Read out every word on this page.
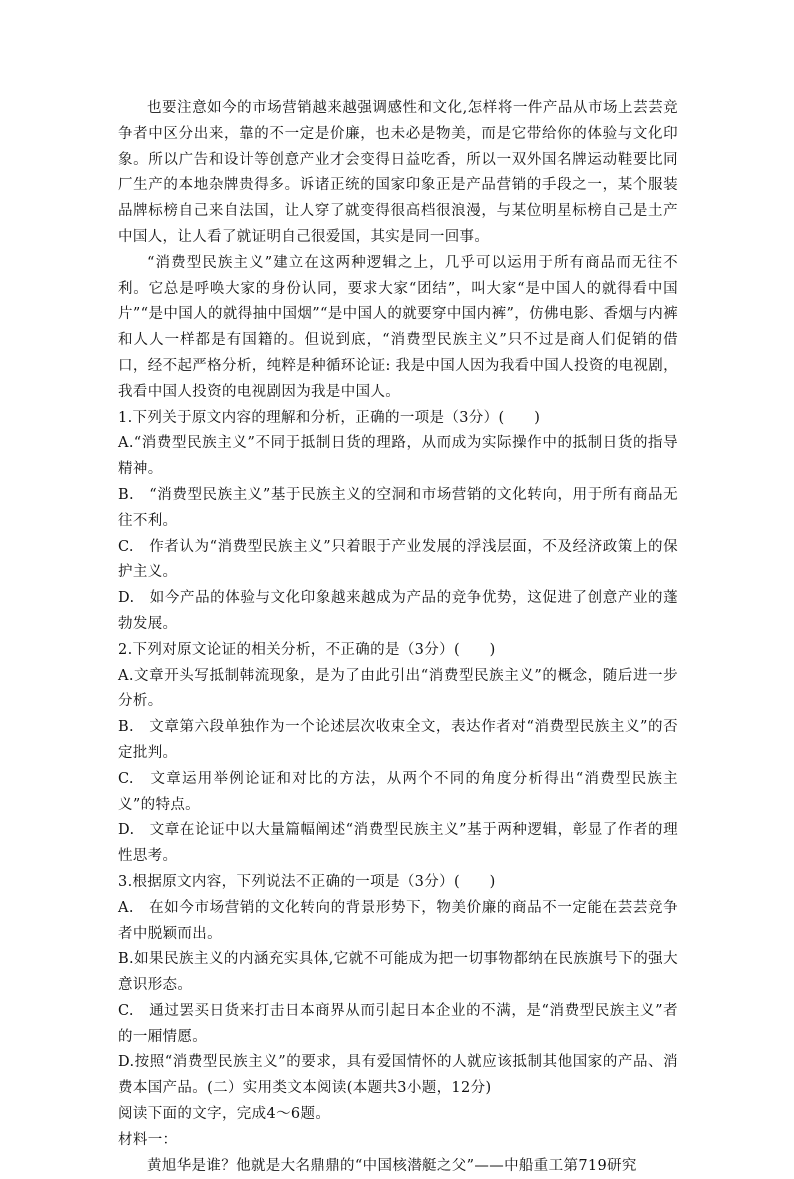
也要注意如今的市场营销越来越强调感性和文化,怎样将一件产品从市场上芸芸竞争者中区分出来，靠的不一定是价廉，也未必是物美，而是它带给你的体验与文化印象。所以广告和设计等创意产业才会变得日益吃香，所以一双外国名牌运动鞋要比同厂生产的本地杂牌贵得多。诉诸正统的国家印象正是产品营销的手段之一，某个服装品牌标榜自己来自法国，让人穿了就变得很高档很浪漫，与某位明星标榜自己是土产中国人，让人看了就证明自己很爱国，其实是同一回事。

“消费型民族主义”建立在这两种逻辑之上，几乎可以运用于所有商品而无往不利。它总是呼唤大家的身份认同，要求大家“团结”，叫大家“是中国人的就得看中国片”“是中国人的就得抽中国烟”“是中国人的就要穿中国内裤”，仿佛电影、香烟与内裤和人人一样都是有国籍的。但说到底，“消费型民族主义”只不过是商人们促销的借口，经不起严格分析，纯粹是种循环论证: 我是中国人因为我看中国人投资的电视剧，我看中国人投资的电视剧因为我是中国人。

1.下列关于原文内容的理解和分析，正确的一项是（3分）(　　)

A.“消费型民族主义”不同于抵制日货的理路，从而成为实际操作中的抵制日货的指导精神。

B.　“消费型民族主义”基于民族主义的空洞和市场营销的文化转向，用于所有商品无往不利。

C.　作者认为“消费型民族主义”只着眼于产业发展的浮浅层面，不及经济政策上的保护主义。

D.　如今产品的体验与文化印象越来越成为产品的竞争优势，这促进了创意产业的蓬勃发展。

2.下列对原文论证的相关分析，不正确的是（3分）(　　)

A.文章开头写抵制韩流现象，是为了由此引出“消费型民族主义”的概念，随后进一步分析。

B.　文章第六段单独作为一个论述层次收束全文，表达作者对“消费型民族主义”的否定批判。

C.　文章运用举例论证和对比的方法，从两个不同的角度分析得出“消费型民族主义”的特点。

D.　文章在论证中以大量篇幅阐述“消费型民族主义”基于两种逻辑，彰显了作者的理性思考。

3.根据原文内容，下列说法不正确的一项是（3分）(　　)

A.　在如今市场营销的文化转向的背景形势下，物美价廉的商品不一定能在芸芸竞争者中脱颖而出。

B.如果民族主义的内涵充实具体,它就不可能成为把一切事物都纳在民族旗号下的强大意识形态。

C.　通过罢买日货来打击日本商界从而引起日本企业的不满，是“消费型民族主义”者的一厢情愿。

D.按照“消费型民族主义”的要求，具有爱国情怀的人就应该抵制其他国家的产品、消费本国产品。(二）实用类文本阅读(本题共3小题，12分)

阅读下面的文字，完成4～6题。

材料一：

黄旭华是谁？他就是大名鼎鼎的“中国核潜艇之父”——中船重工第719研究
